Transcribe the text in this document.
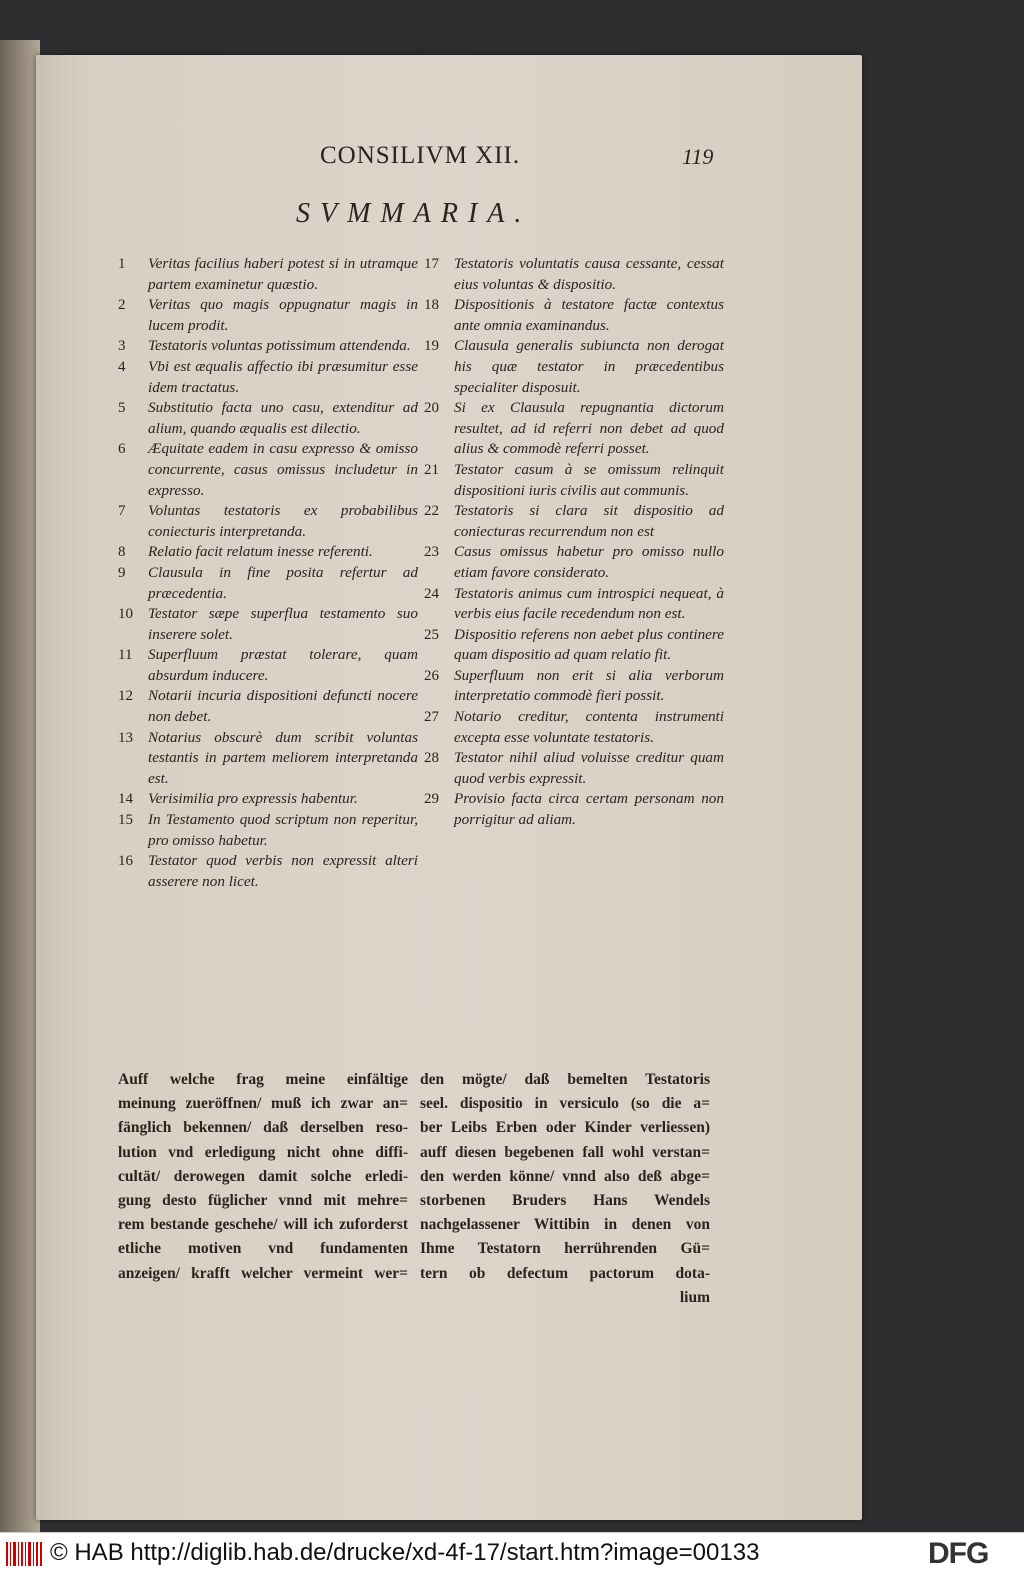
CONSILIVM XII.	119
SVMMARIA.
1	Veritas facilius haberi potest si in utramque partem examinetur quæstio.
2	Veritas quo magis oppugnatur magis in lucem prodit.
3	Testatoris voluntas potissimum attendenda.
4	Vbi est æqualis affectio ibi præsumitur esse idem tractatus.
5	Substitutio facta uno casu, extenditur ad alium, quando æqualis est dilectio.
6	Æquitate eadem in casu expresso & omisso concurrente, casus omissus includetur in expresso.
7	Voluntas testatoris ex probabilibus coniecturis interpretanda.
8	Relatio facit relatum inesse referenti.
9	Clausula in fine posita refertur ad præcedentia.
10 Testator sæpe superflua testamento suo inserere solet.
11	Superfluum præstat tolerare, quam absurdum inducere.
12 Notarii incuria dispositioni defuncti nocere non debet.
13 Notarius obscurè dum scribit voluntas testantis in partem meliorem interpretanda est.
14 Verisimilia pro expressis habentur.
15 In Testamento quod scriptum non reperitur, pro omisso habetur.
16 Testator quod verbis non expressit alteri asserere non licet.
17 Testatoris voluntatis causa cessante, cessat eius voluntas & dispositio.
18 Dispositionis à testatore factæ contextus ante omnia examinandus.
19 Clausula generalis subiuncta non derogat his quæ testator in præcedentibus specialiter disposuit.
20 Si ex Clausula repugnantia dictorum resultet, ad id referri non debet ad quod alius & commodè referri posset.
21 Testator casum à se omissum relinquit dispositioni iuris civilis aut communis.
22 Testatoris si clara sit dispositio ad coniecturas recurrendum non est
23 Casus omissus habetur pro omisso nullo etiam favore considerato.
24 Testatoris animus cum introspici nequeat, à verbis eius facile recedendum non est.
25 Dispositio referens non aebet plus continere quam dispositio ad quam relatio fit.
26 Superfluum non erit si alia verborum interpretatio commodè fieri possit.
27 Notario creditur, contenta instrumenti excepta esse voluntate testatoris.
28 Testator nihil aliud voluisse creditur quam quod verbis expressit.
29 Provisio facta circa certam personam non porrigitur ad aliam.
Auff welche frag meine einfältige
meinung zueröffnen/ muß ich zwar an=
fänglich bekennen/ daß derselben reso-
lution vnd erledigung nicht ohne diffi-
cultät/ derowegen damit solche erledi-
gung desto füglicher vnnd mit mehre=
rem bestande geschehe/ will ich zuforderst
etliche motiven vnd fundamenten
anzeigen/ krafft welcher vermeint wer=
den mögte/ daß bemelten Testatoris
seel. dispositio in versiculo (so die a=
ber Leibs Erben oder Kinder verliessen)
auff diesen begebenen fall wohl verstan=
den werden könne/ vnnd also deß abge=
storbenen Bruders Hans Wendels
nachgelassener Wittibin in denen von
Ihme Testatorn herrührenden Gü=
tern ob defectum pactorum dota-
lium
© HAB http://diglib.hab.de/drucke/xd-4f-17/start.htm?image=00133	DFG
